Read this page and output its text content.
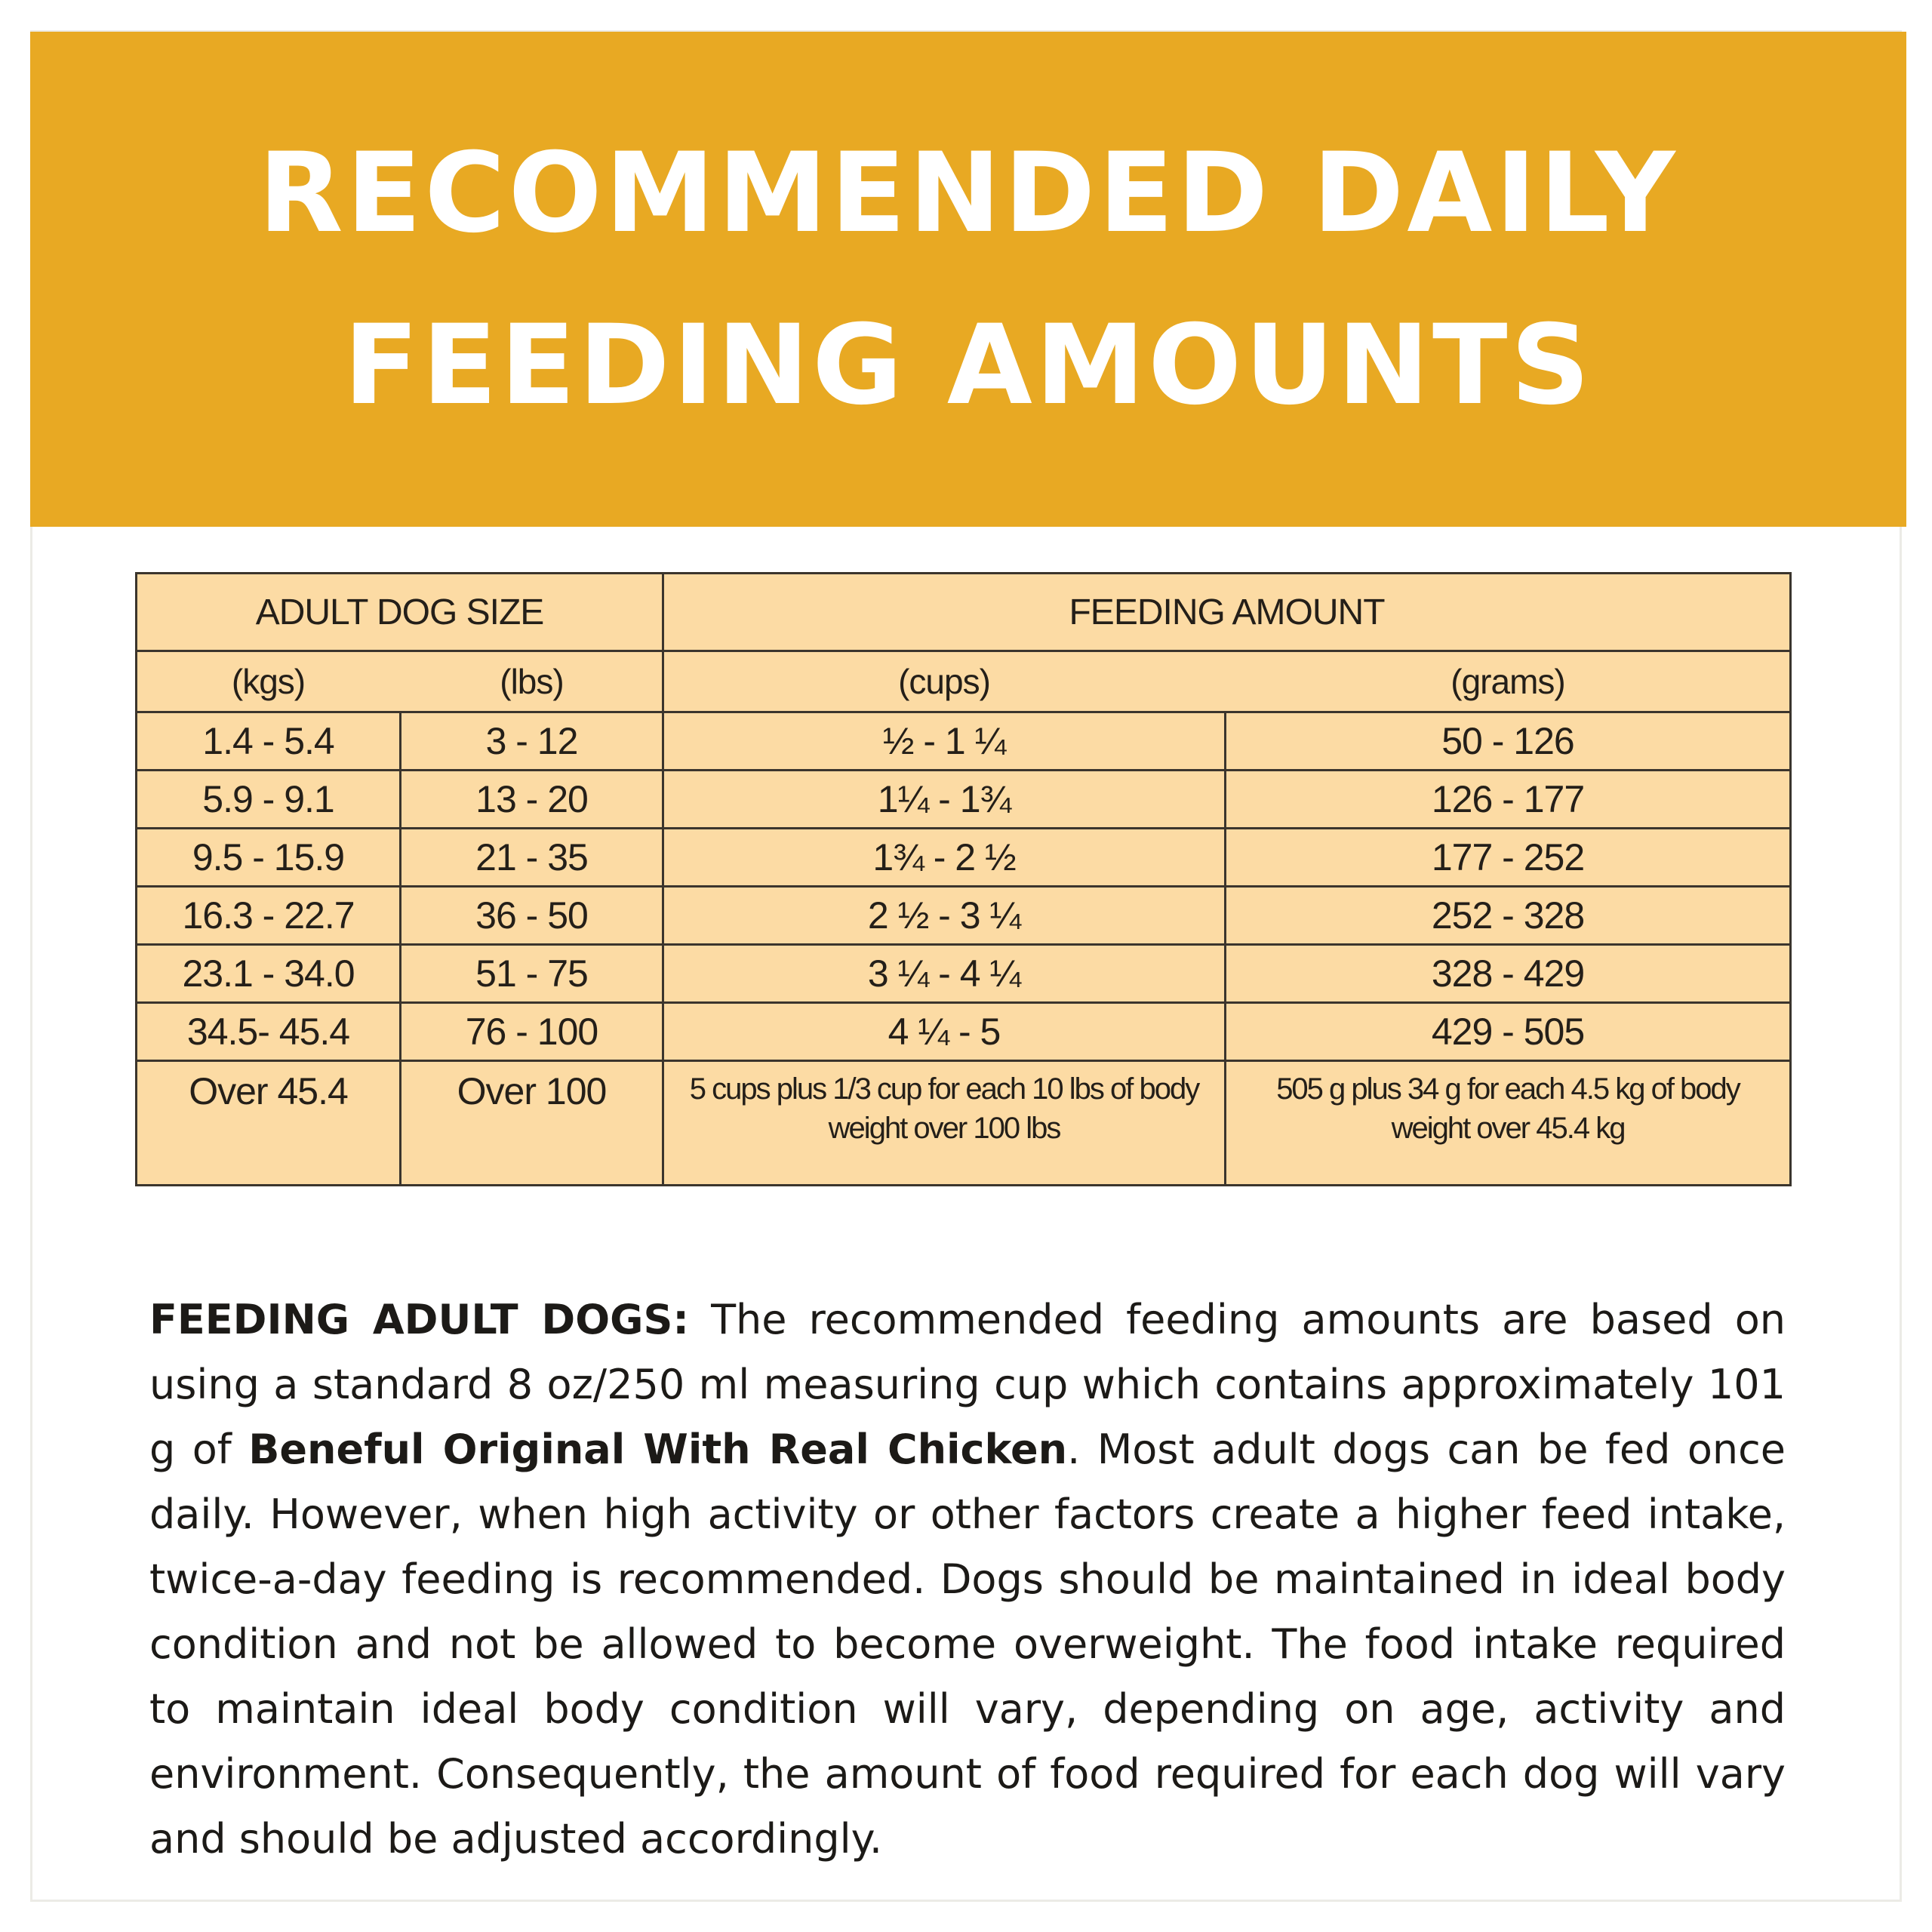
RECOMMENDED DAILY
FEEDING AMOUNTS
ADULT DOG SIZE		FEEDING AMOUNT	
(kgs)	(lbs)	(cups)	(grams)
1.4 - 5.4	3 - 12	½ - 1 ¼	50 - 126
5.9 - 9.1	13 - 20	1¼ - 1¾	126 - 177
9.5 - 15.9	21 - 35	1¾ - 2 ½	177 - 252
16.3 - 22.7	36 - 50	2 ½ - 3 ¼	252 - 328
23.1 - 34.0	51 - 75	3 ¼ - 4 ¼	328 - 429
34.5- 45.4	76 - 100	4 ¼ - 5	429 - 505
Over 45.4	Over 100	5 cups plus 1/3 cup for each 10 lbs of body weight over 100 lbs	505 g plus 34 g for each 4.5 kg of body weight over 45.4 kg

FEEDING ADULT DOGS: The recommended feeding amounts are based on using a standard 8 oz/250 ml measuring cup which contains approximately 101 g of Beneful Original With Real Chicken. Most adult dogs can be fed once daily. However, when high activity or other factors create a higher feed intake, twice-a-day feeding is recommended. Dogs should be maintained in ideal body condition and not be allowed to become overweight. The food intake required to maintain ideal body condition will vary, depending on age, activity and environment. Consequently, the amount of food required for each dog will vary and should be adjusted accordingly.
